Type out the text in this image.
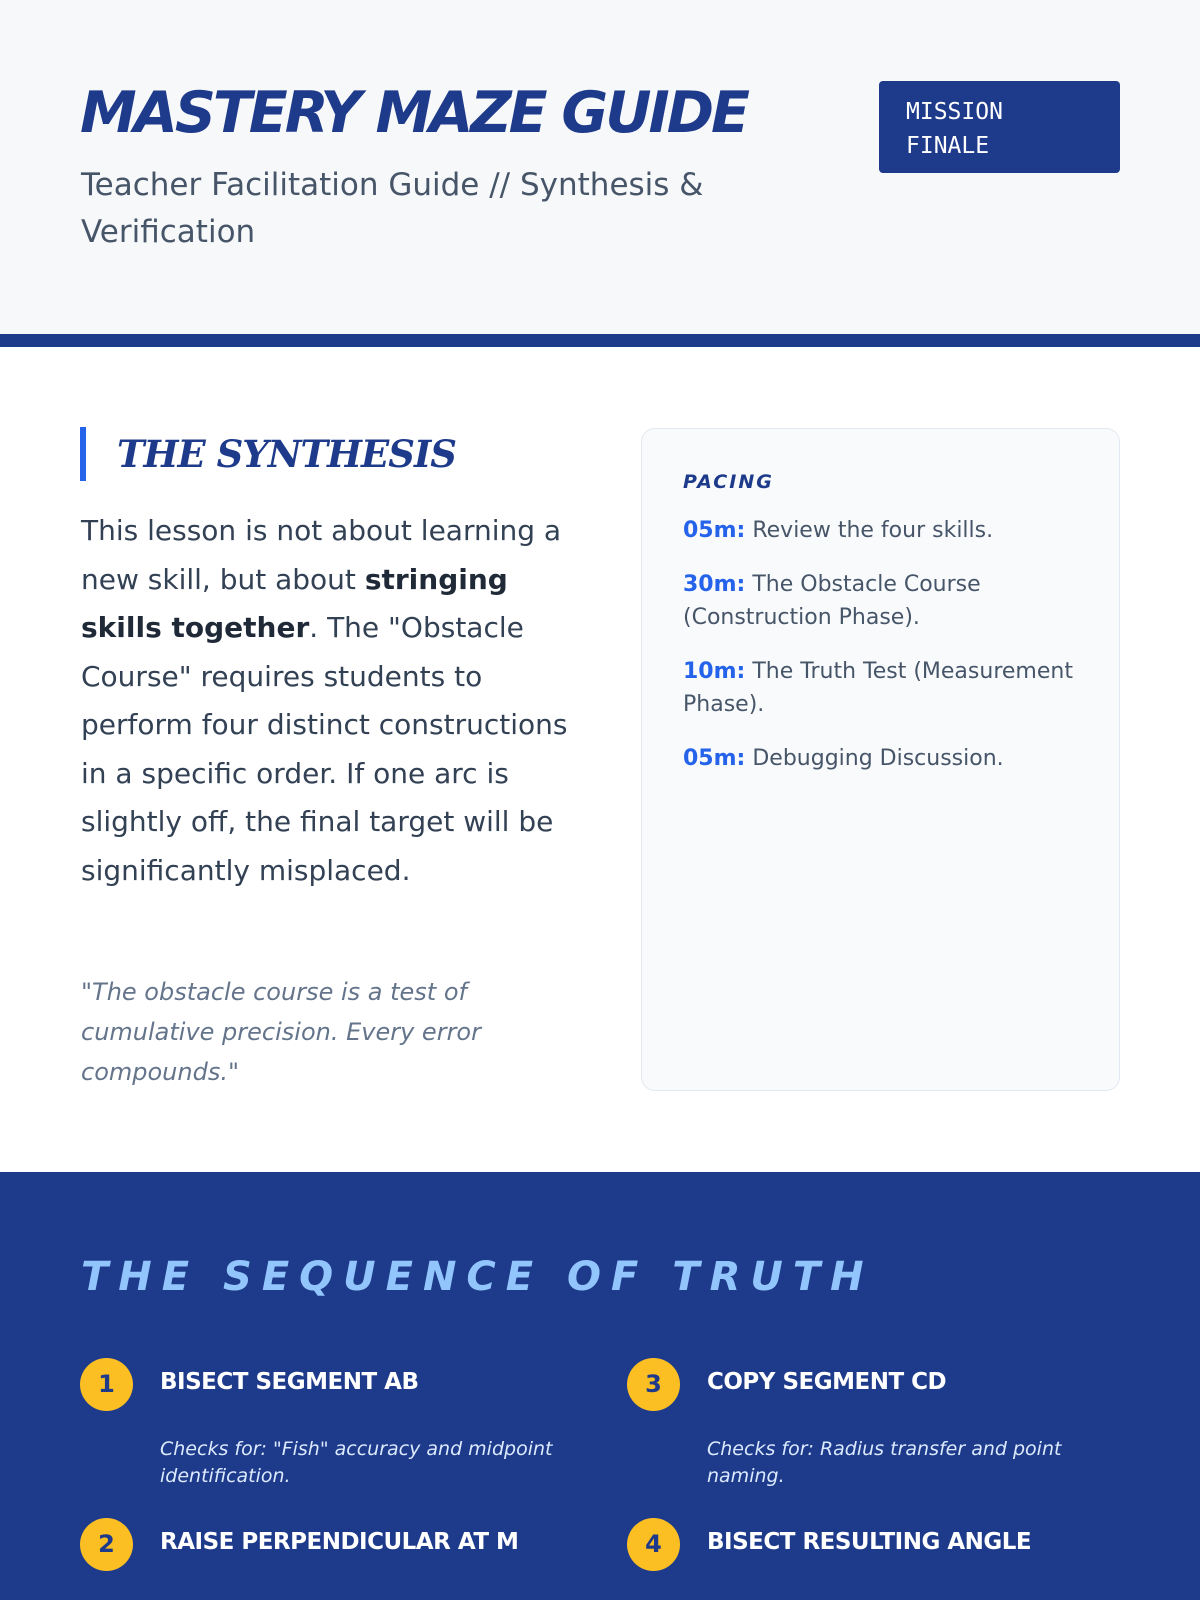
MASTERY MAZE GUIDE

Teacher Facilitation Guide // Synthesis & Verification

MISSION FINALE
THE SYNTHESIS

This lesson is not about learning a new skill, but about stringing skills together. The "Obstacle Course" requires students to perform four distinct constructions in a specific order. If one arc is slightly off, the final target will be significantly misplaced.

"The obstacle course is a test of cumulative precision. Every error compounds."

PACING
05m: Review the four skills.
30m: The Obstacle Course (Construction Phase).
10m: The Truth Test (Measurement Phase).
05m: Debugging Discussion.
THE SEQUENCE OF TRUTH
1	BISECT SEGMENT AB
Checks for: "Fish" accuracy and midpoint identification.
2	RAISE PERPENDICULAR AT M
3	COPY SEGMENT CD
Checks for: Radius transfer and point naming.
4	BISECT RESULTING ANGLE
